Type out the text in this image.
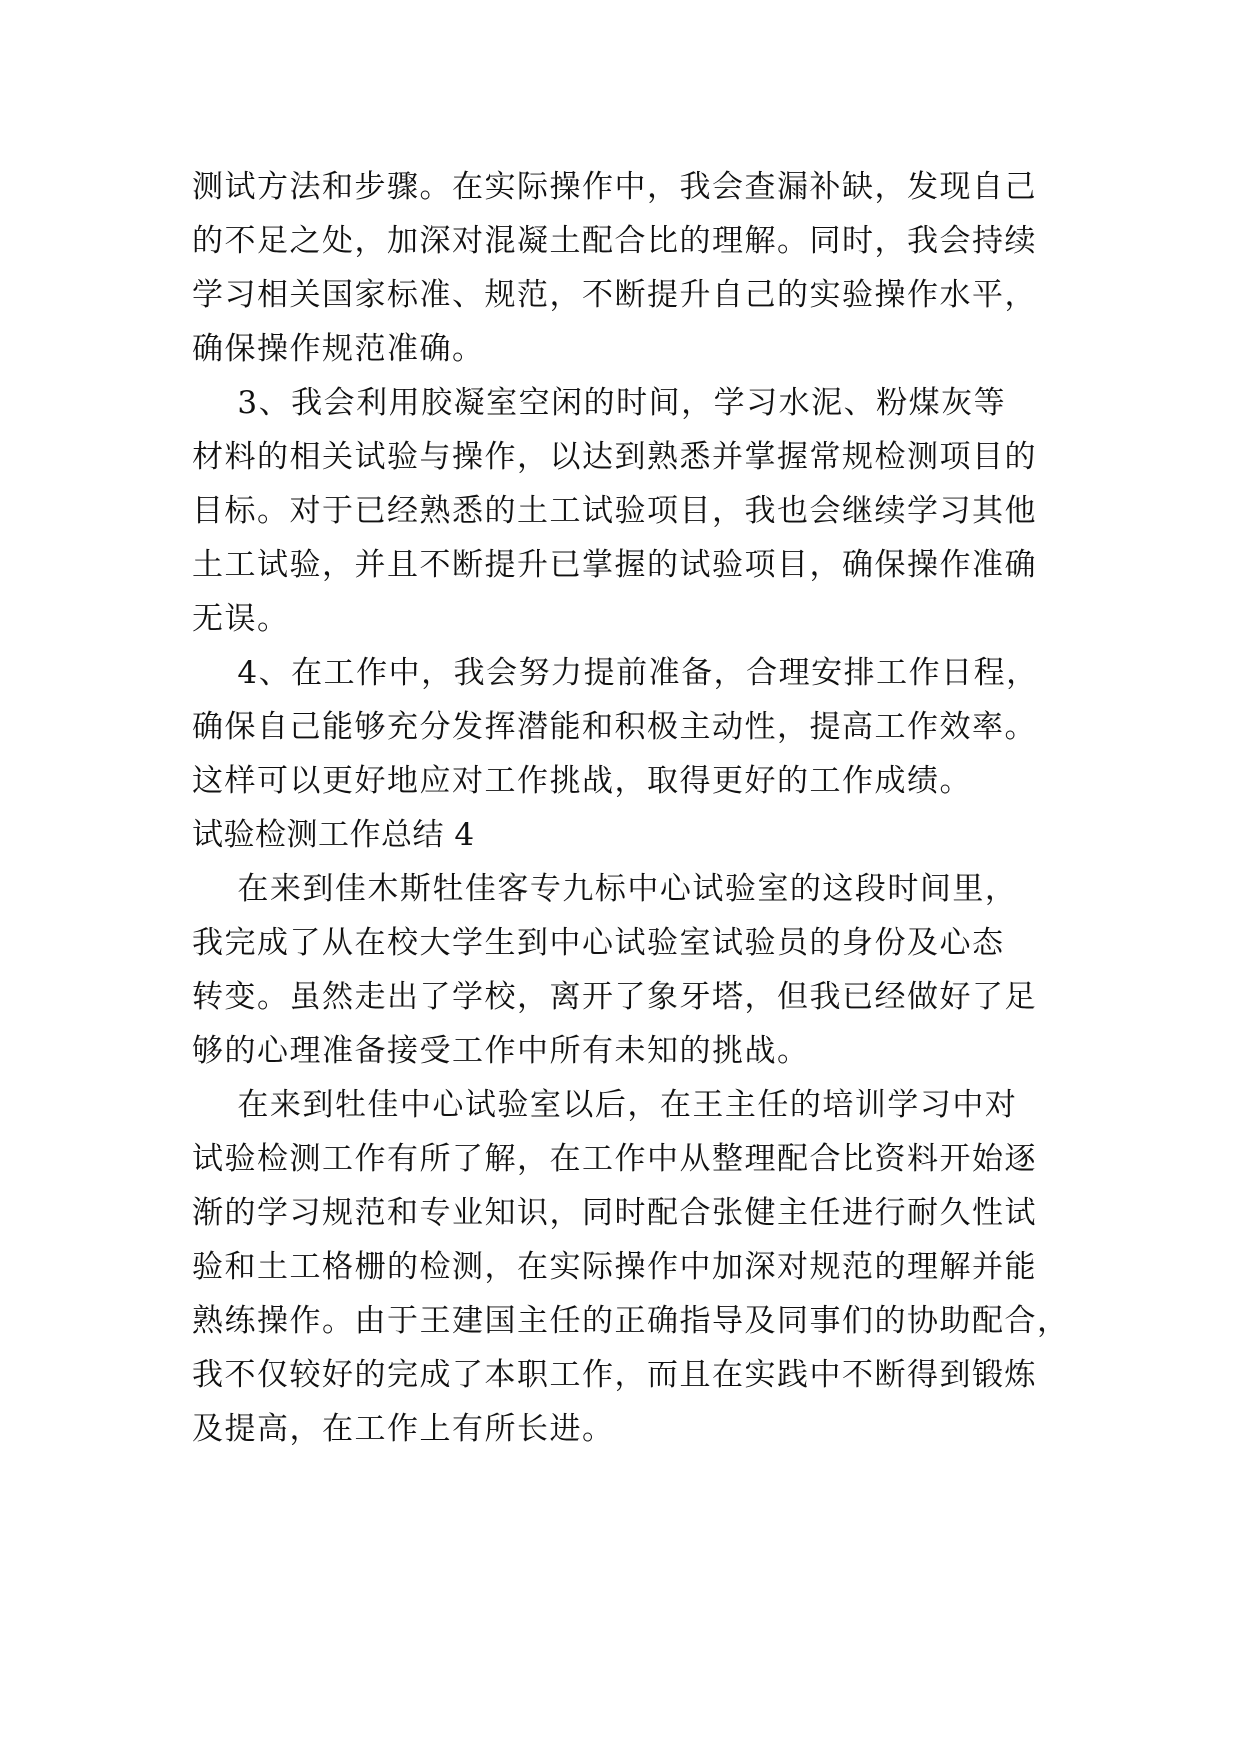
测试方法和步骤。在实际操作中，我会查漏补缺，发现自己
的不足之处，加深对混凝土配合比的理解。同时，我会持续
学习相关国家标准、规范，不断提升自己的实验操作水平，
确保操作规范准确。
3、我会利用胶凝室空闲的时间，学习水泥、粉煤灰等
材料的相关试验与操作，以达到熟悉并掌握常规检测项目的
目标。对于已经熟悉的土工试验项目，我也会继续学习其他
土工试验，并且不断提升已掌握的试验项目，确保操作准确
无误。
4、在工作中，我会努力提前准备，合理安排工作日程，
确保自己能够充分发挥潜能和积极主动性，提高工作效率。
这样可以更好地应对工作挑战，取得更好的工作成绩。
试验检测工作总结 4
在来到佳木斯牡佳客专九标中心试验室的这段时间里，
我完成了从在校大学生到中心试验室试验员的身份及心态
转变。虽然走出了学校，离开了象牙塔，但我已经做好了足
够的心理准备接受工作中所有未知的挑战。
在来到牡佳中心试验室以后，在王主任的培训学习中对
试验检测工作有所了解，在工作中从整理配合比资料开始逐
渐的学习规范和专业知识，同时配合张健主任进行耐久性试
验和土工格栅的检测，在实际操作中加深对规范的理解并能
熟练操作。由于王建国主任的正确指导及同事们的协助配合，
我不仅较好的完成了本职工作，而且在实践中不断得到锻炼
及提高，在工作上有所长进。
